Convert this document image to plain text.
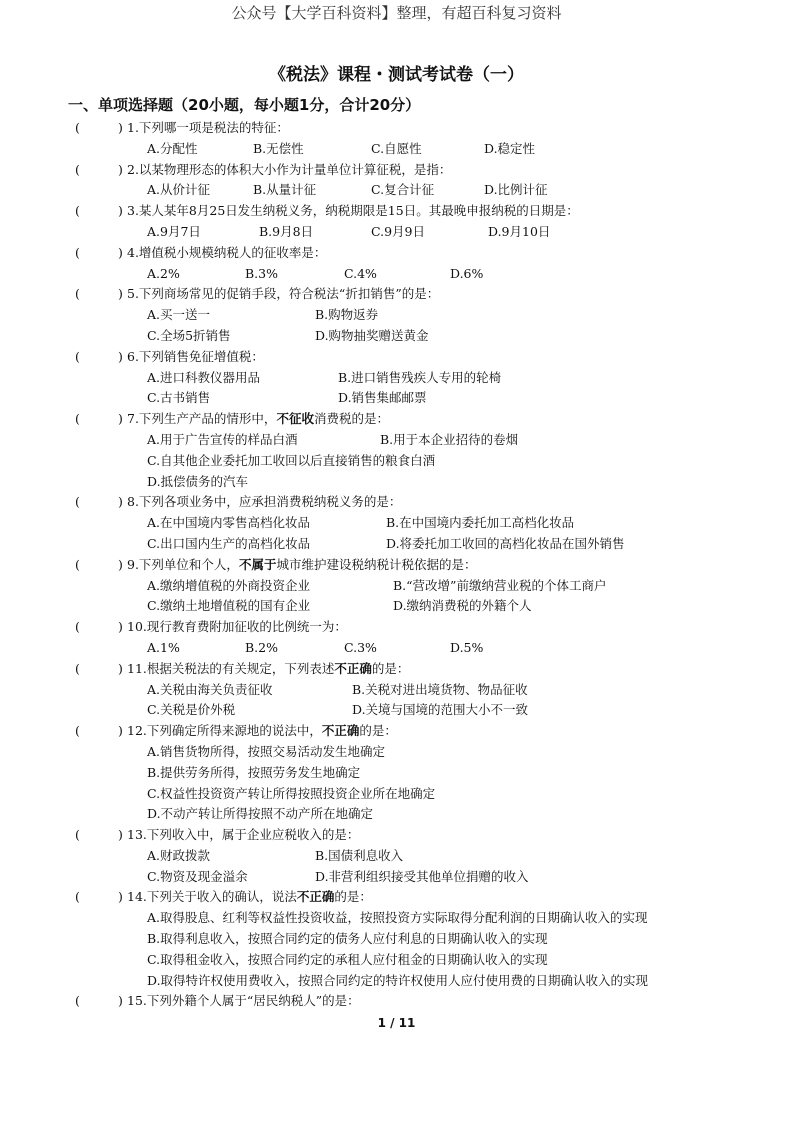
公众号【大学百科资料】整理，有超百科复习资料
《税法》课程・测试考试卷（一）
一、单项选择题（20小题，每小题1分，合计20分）
(	) 1.下列哪一项是税法的特征：
A.分配性	B.无偿性	C.自愿性	D.稳定性
(	) 2.以某物理形态的体积大小作为计量单位计算征税，是指：
A.从价计征	B.从量计征	C.复合计征	D.比例计征
(	) 3.某人某年8月25日发生纳税义务，纳税期限是15日。其最晚申报纳税的日期是：
A.9月7日	B.9月8日	C.9月9日	D.9月10日
(	) 4.增值税小规模纳税人的征收率是：
A.2%	B.3%	C.4%	D.6%
(	) 5.下列商场常见的促销手段，符合税法“折扣销售”的是：
A.买一送一	B.购物返券
C.全场5折销售	D.购物抽奖赠送黄金
(	) 6.下列销售免征增值税：
A.进口科教仪器用品	B.进口销售残疾人专用的轮椅
C.古书销售	D.销售集邮邮票
(	) 7.下列生产产品的情形中，不征收消费税的是：
A.用于广告宣传的样品白酒	B.用于本企业招待的卷烟
C.自其他企业委托加工收回以后直接销售的粮食白酒
D.抵偿债务的汽车
(	) 8.下列各项业务中，应承担消费税纳税义务的是：
A.在中国境内零售高档化妆品	B.在中国境内委托加工高档化妆品
C.出口国内生产的高档化妆品	D.将委托加工收回的高档化妆品在国外销售
(	) 9.下列单位和个人，不属于城市维护建设税纳税计税依据的是：
A.缴纳增值税的外商投资企业	B.“营改增”前缴纳营业税的个体工商户
C.缴纳土地增值税的国有企业	D.缴纳消费税的外籍个人
(	) 10.现行教育费附加征收的比例统一为：
A.1%	B.2%	C.3%	D.5%
(	) 11.根据关税法的有关规定，下列表述不正确的是：
A.关税由海关负责征收	B.关税对进出境货物、物品征收
C.关税是价外税	D.关境与国境的范围大小不一致
(	) 12.下列确定所得来源地的说法中，不正确的是：
A.销售货物所得，按照交易活动发生地确定
B.提供劳务所得，按照劳务发生地确定
C.权益性投资资产转让所得按照投资企业所在地确定
D.不动产转让所得按照不动产所在地确定
(	) 13.下列收入中，属于企业应税收入的是：
A.财政拨款	B.国债利息收入
C.物资及现金溢余	D.非营利组织接受其他单位捐赠的收入
(	) 14.下列关于收入的确认，说法不正确的是：
A.取得股息、红利等权益性投资收益，按照投资方实际取得分配利润的日期确认收入的实现
B.取得利息收入，按照合同约定的债务人应付利息的日期确认收入的实现
C.取得租金收入，按照合同约定的承租人应付租金的日期确认收入的实现
D.取得特许权使用费收入，按照合同约定的特许权使用人应付使用费的日期确认收入的实现
(	) 15.下列外籍个人属于“居民纳税人”的是：
1 / 11
